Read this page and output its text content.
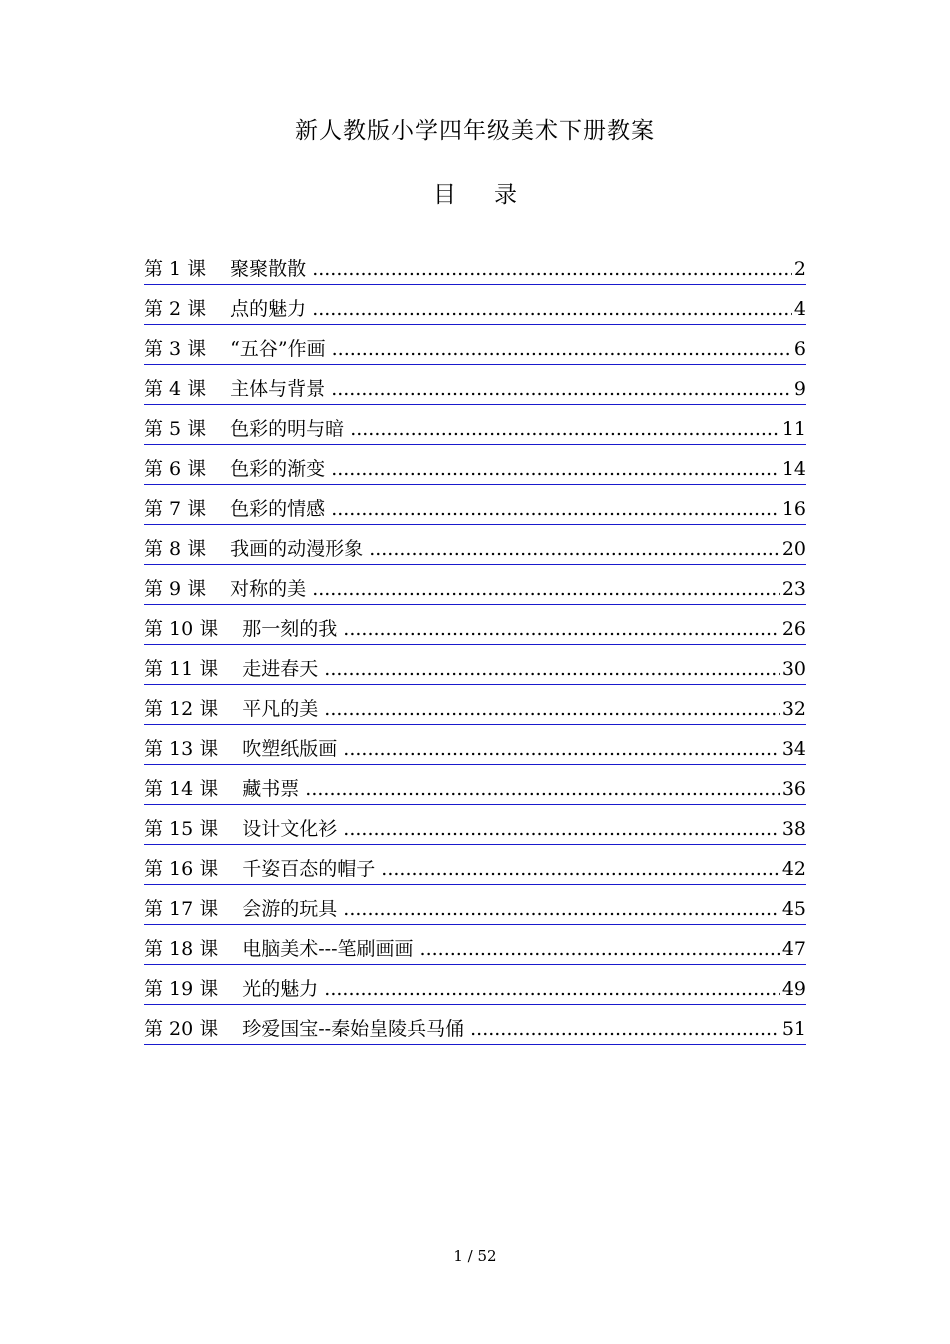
新人教版小学四年级美术下册教案
目 录
第 1 课 聚聚散散 .....	2
第 2 课 点的魅力 .....	4
第 3 课 “五谷”作画 .....	6
第 4 课 主体与背景 .....	9
第 5 课 色彩的明与暗 .....	11
第 6 课 色彩的渐变 .....	14
第 7 课 色彩的情感 .....	16
第 8 课 我画的动漫形象 .....	20
第 9 课 对称的美 .....	23
第 10 课 那一刻的我 .....	26
第 11 课 走进春天 .....	30
第 12 课 平凡的美 .....	32
第 13 课 吹塑纸版画 .....	34
第 14 课 藏书票 .....	36
第 15 课 设计文化衫 .....	38
第 16 课 千姿百态的帽子 .....	42
第 17 课 会游的玩具 .....	45
第 18 课 电脑美术---笔刷画画 .....	47
第 19 课 光的魅力 .....	49
第 20 课 珍爱国宝--秦始皇陵兵马俑 .....	51
1 / 52
